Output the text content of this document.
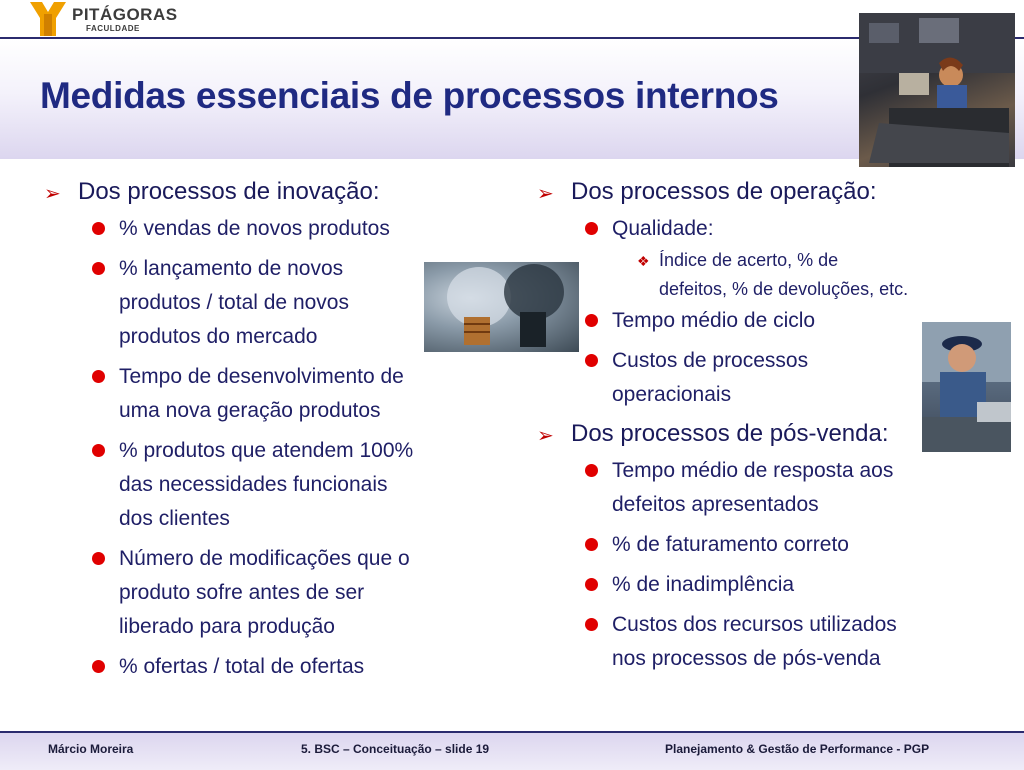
PITÁGORAS
FACULDADE
Medidas essenciais de processos internos
➢ Dos processos de inovação:
% vendas de novos produtos
% lançamento de novos
produtos / total de novos
produtos do mercado
Tempo de desenvolvimento de
uma nova geração produtos
% produtos que atendem 100%
das necessidades funcionais
dos clientes
Número de modificações que o
produto sofre antes de ser
liberado para produção
% ofertas / total de ofertas
➢ Dos processos de operação:
Qualidade:
❖ Índice de acerto, % de
defeitos, % de devoluções, etc.
Tempo médio de ciclo
Custos de processos
operacionais
➢ Dos processos de pós-venda:
Tempo médio de resposta aos
defeitos apresentados
% de faturamento correto
% de inadimplência
Custos dos recursos utilizados
nos processos de pós-venda
Márcio Moreira	5. BSC – Conceituação – slide 19	Planejamento & Gestão de Performance - PGP
